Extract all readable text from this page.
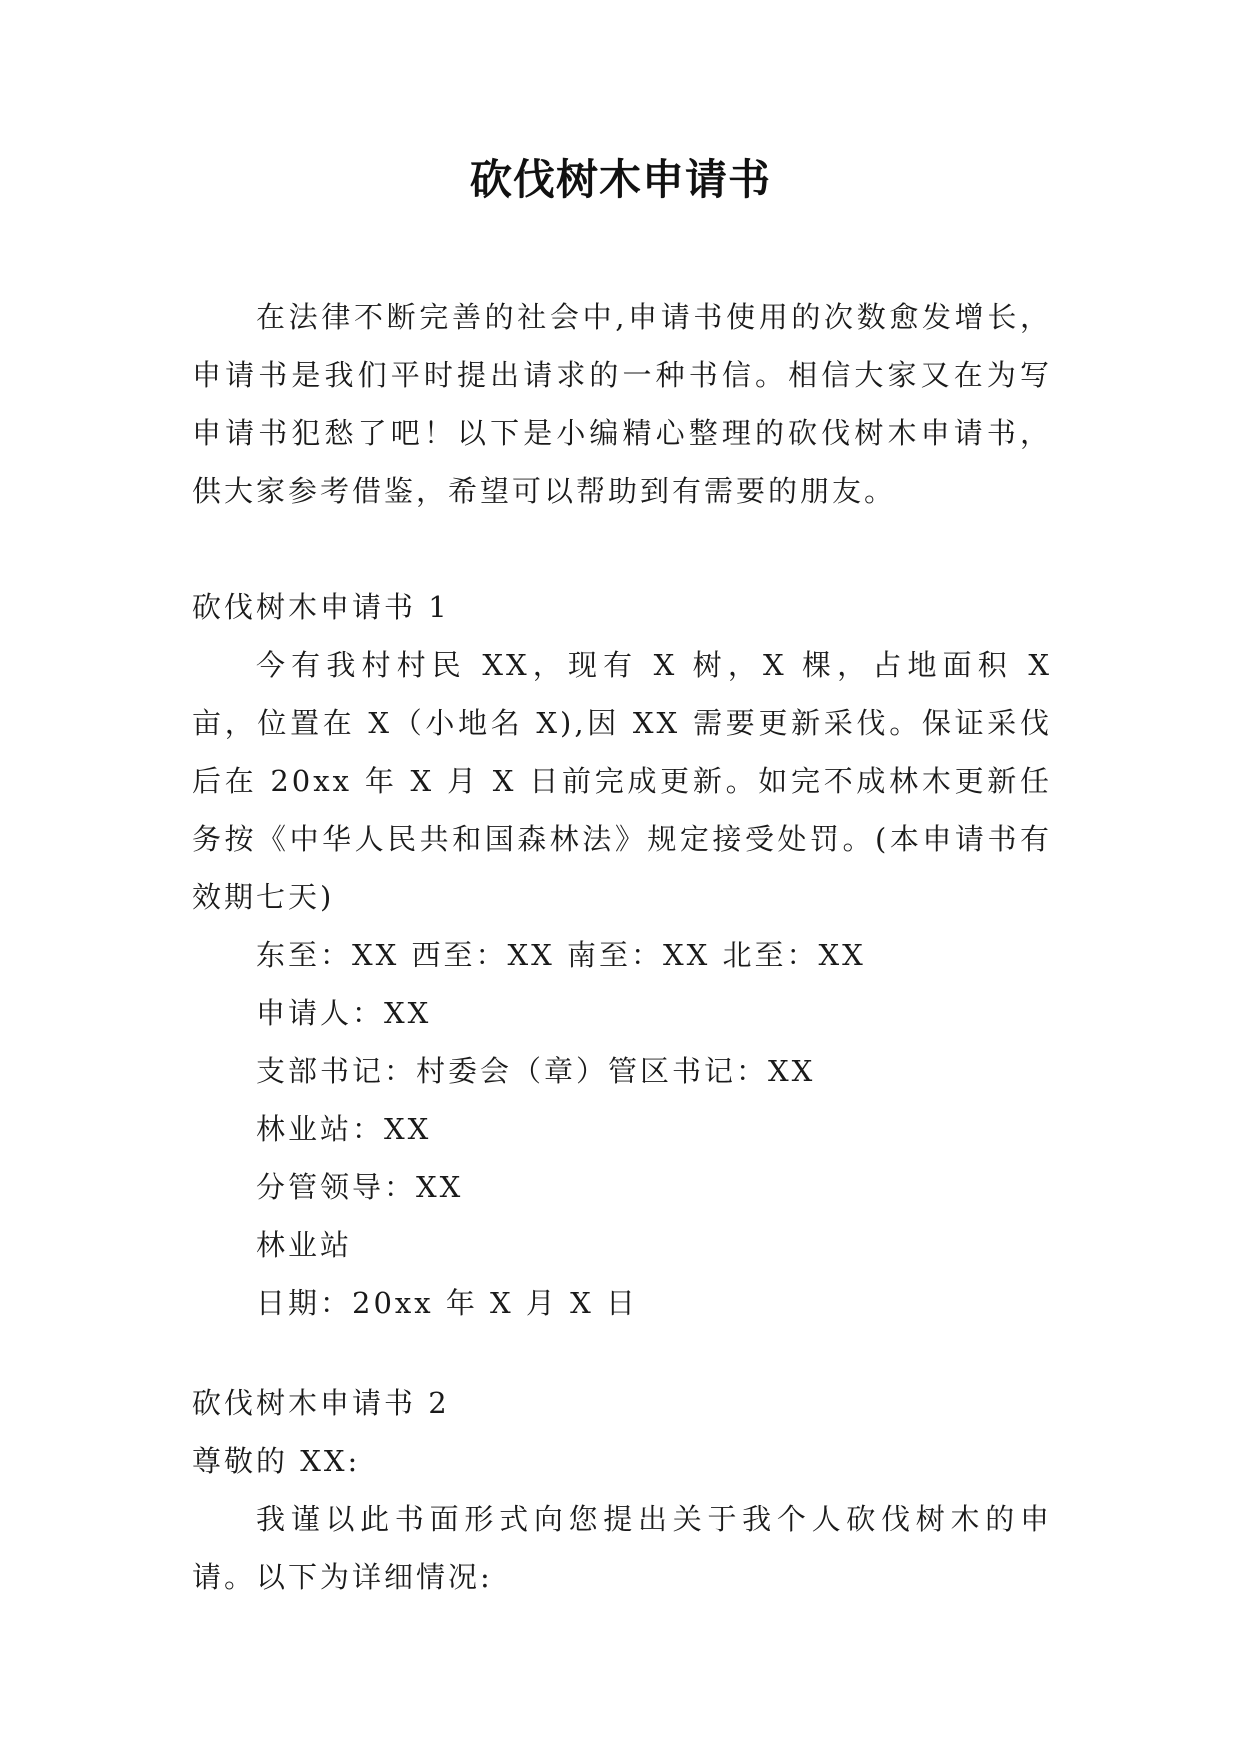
砍伐树木申请书

在法律不断完善的社会中,申请书使用的次数愈发增长，申请书是我们平时提出请求的一种书信。相信大家又在为写申请书犯愁了吧！以下是小编精心整理的砍伐树木申请书，供大家参考借鉴，希望可以帮助到有需要的朋友。

砍伐树木申请书 1

今有我村村民 XX，现有 X 树，X 棵，占地面积 X 亩，位置在 X（小地名 X),因 XX 需要更新采伐。保证采伐后在 20xx 年 X 月 X 日前完成更新。如完不成林木更新任务按《中华人民共和国森林法》规定接受处罚。(本申请书有效期七天)

东至：XX 西至：XX 南至：XX 北至：XX

申请人：XX

支部书记：村委会（章）管区书记：XX

林业站：XX

分管领导：XX

林业站

日期：20xx 年 X 月 X 日

砍伐树木申请书 2

尊敬的 XX:

我谨以此书面形式向您提出关于我个人砍伐树木的申请。以下为详细情况:
